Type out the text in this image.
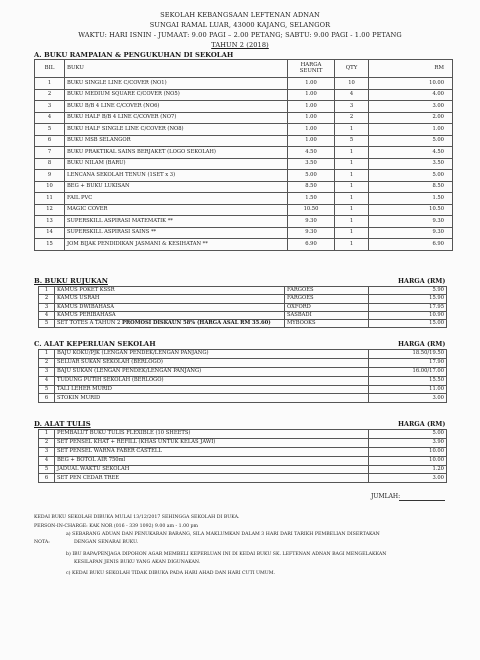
SEKOLAH KEBANGSAAN LEFTENAN ADNAN
SUNGAI RAMAL LUAR, 43000 KAJANG, SELANGOR
WAKTU: HARI ISNIN - JUMAAT: 9.00 PAGI – 2.00 PETANG; SABTU: 9.00 PAGI - 1.00 PETANG
TAHUN 2 (2018)
A. BUKU RAMPAIAN & PENGUKUHAN DI SEKOLAH
BIL	BUKU	HARGA SEUNIT	QTY	RM
1	BUKU SINGLE LINE C/COVER (NO1)	1.00	10	10.00
2	BUKU MEDIUM SQUARE C/COVER (NO5)	1.00	4	4.00
3	BUKU B/B 4 LINE C/COVER (NO6)	1.00	3	3.00
4	BUKU HALF B/B 4 LINE C/COVER (NO7)	1.00	2	2.00
5	BUKU HALF SINGLE LINE C/COVER (NO8)	1.00	1	1.00
6	BUKU MSB SELANGOR	1.00	5	5.00
7	BUKU PRAKTIKAL SAINS BERJAKET (LOGO SEKOLAH)	4.50	1	4.50
8	BUKU NILAM (BARU)	3.50	1	3.50
9	LENCANA SEKOLAH TENUN (1SET x 3)	5.00	1	5.00
10	BEG + BUKU LUKISAN	8.50	1	8.50
11	FAIL PVC	1.50	1	1.50
12	MAGIC COVER	10.50	1	10.50
13	SUPERSKILL ASPIRASI MATEMATIK **	9.30	1	9.30
14	SUPERSKILL ASPIRASI SAINS **	9.30	1	9.30
15	JOM BIJAK PENDIDIKAN JASMANI & KESIHATAN **	6.90	1	6.90
B. BUKU RUJUKAN	HARGA (RM)
1	KAMUS POKET KSSR	FARGOES	5.90
2	KAMUS USRAH	FARGOES	15.90
3	KAMUS DWIBAHASA	OXFORD	17.95
4	KAMUS PERIBAHASA	SASBADI	10.90
5	SET TOTES A TAHUN 2 PROMOSI DISKAUN 58% (HARGA ASAL RM 35.60)	MYBOOKS	15.00
C. ALAT KEPERLUAN SEKOLAH	HARGA (RM)
1	BAJU KOKU/PJK (LENGAN PENDEK/LENGAN PANJANG)	18.50/19.50
2	SELUAR SUKAN SEKOLAH (BERLOGO)	17.90
3	BAJU SUKAN (LENGAN PENDEK/LENGAN PANJANG)	16.00/17.00
4	TUDUNG PUTIH SEKOLAH (BERLOGO)	15.50
5	TALI LEHER MURID	11.00
6	STOKIN MURID	3.00
D. ALAT TULIS	HARGA (RM)
1	PEMBALUT BUKU TULIS FLEXIBLE (10 SHEETS)	5.00
2	SET PENSEL KHAT + REFILL (KHAS UNTUK KELAS JAWI)	3.90
3	SET PENSEL WARNA FABER CASTELL	10.00
4	BEG + BOTOL AIR 750ml	10.00
5	JADUAL WAKTU SEKOLAH	1.20
6	SET PEN CEDAR TREE	3.00
JUMLAH:
KEDAI BUKU SEKOLAH DIBUKA MULAI 13/12/2017 SEHINGGA SEKOLAH DI BUKA.
PERSON-IN-CHARGE: KAK NOR (016 - 339 1092) 9.00 am - 1.00 pm
NOTA:
a) SEBARANG ADUAN DAN PENUKARAN BARANG, SILA MAKLUMKAN DALAM 3 HARI DARI TARIKH PEMBELIAN DISERTAKAN
DENGAN SENARAI BUKU.
b) IBU BAPA/PENJAGA DIPOHON AGAR MEMBELI KEPERLUAN INI DI KEDAI BUKU SK. LEFTENAN ADNAN BAGI MENGELAKKAN
KESILAPAN JENIS BUKU YANG AKAN DIGUNAKAN.
c) KEDAI BUKU SEKOLAH TIDAK DIBUKA PADA HARI AHAD DAN HARI CUTI UMUM.
